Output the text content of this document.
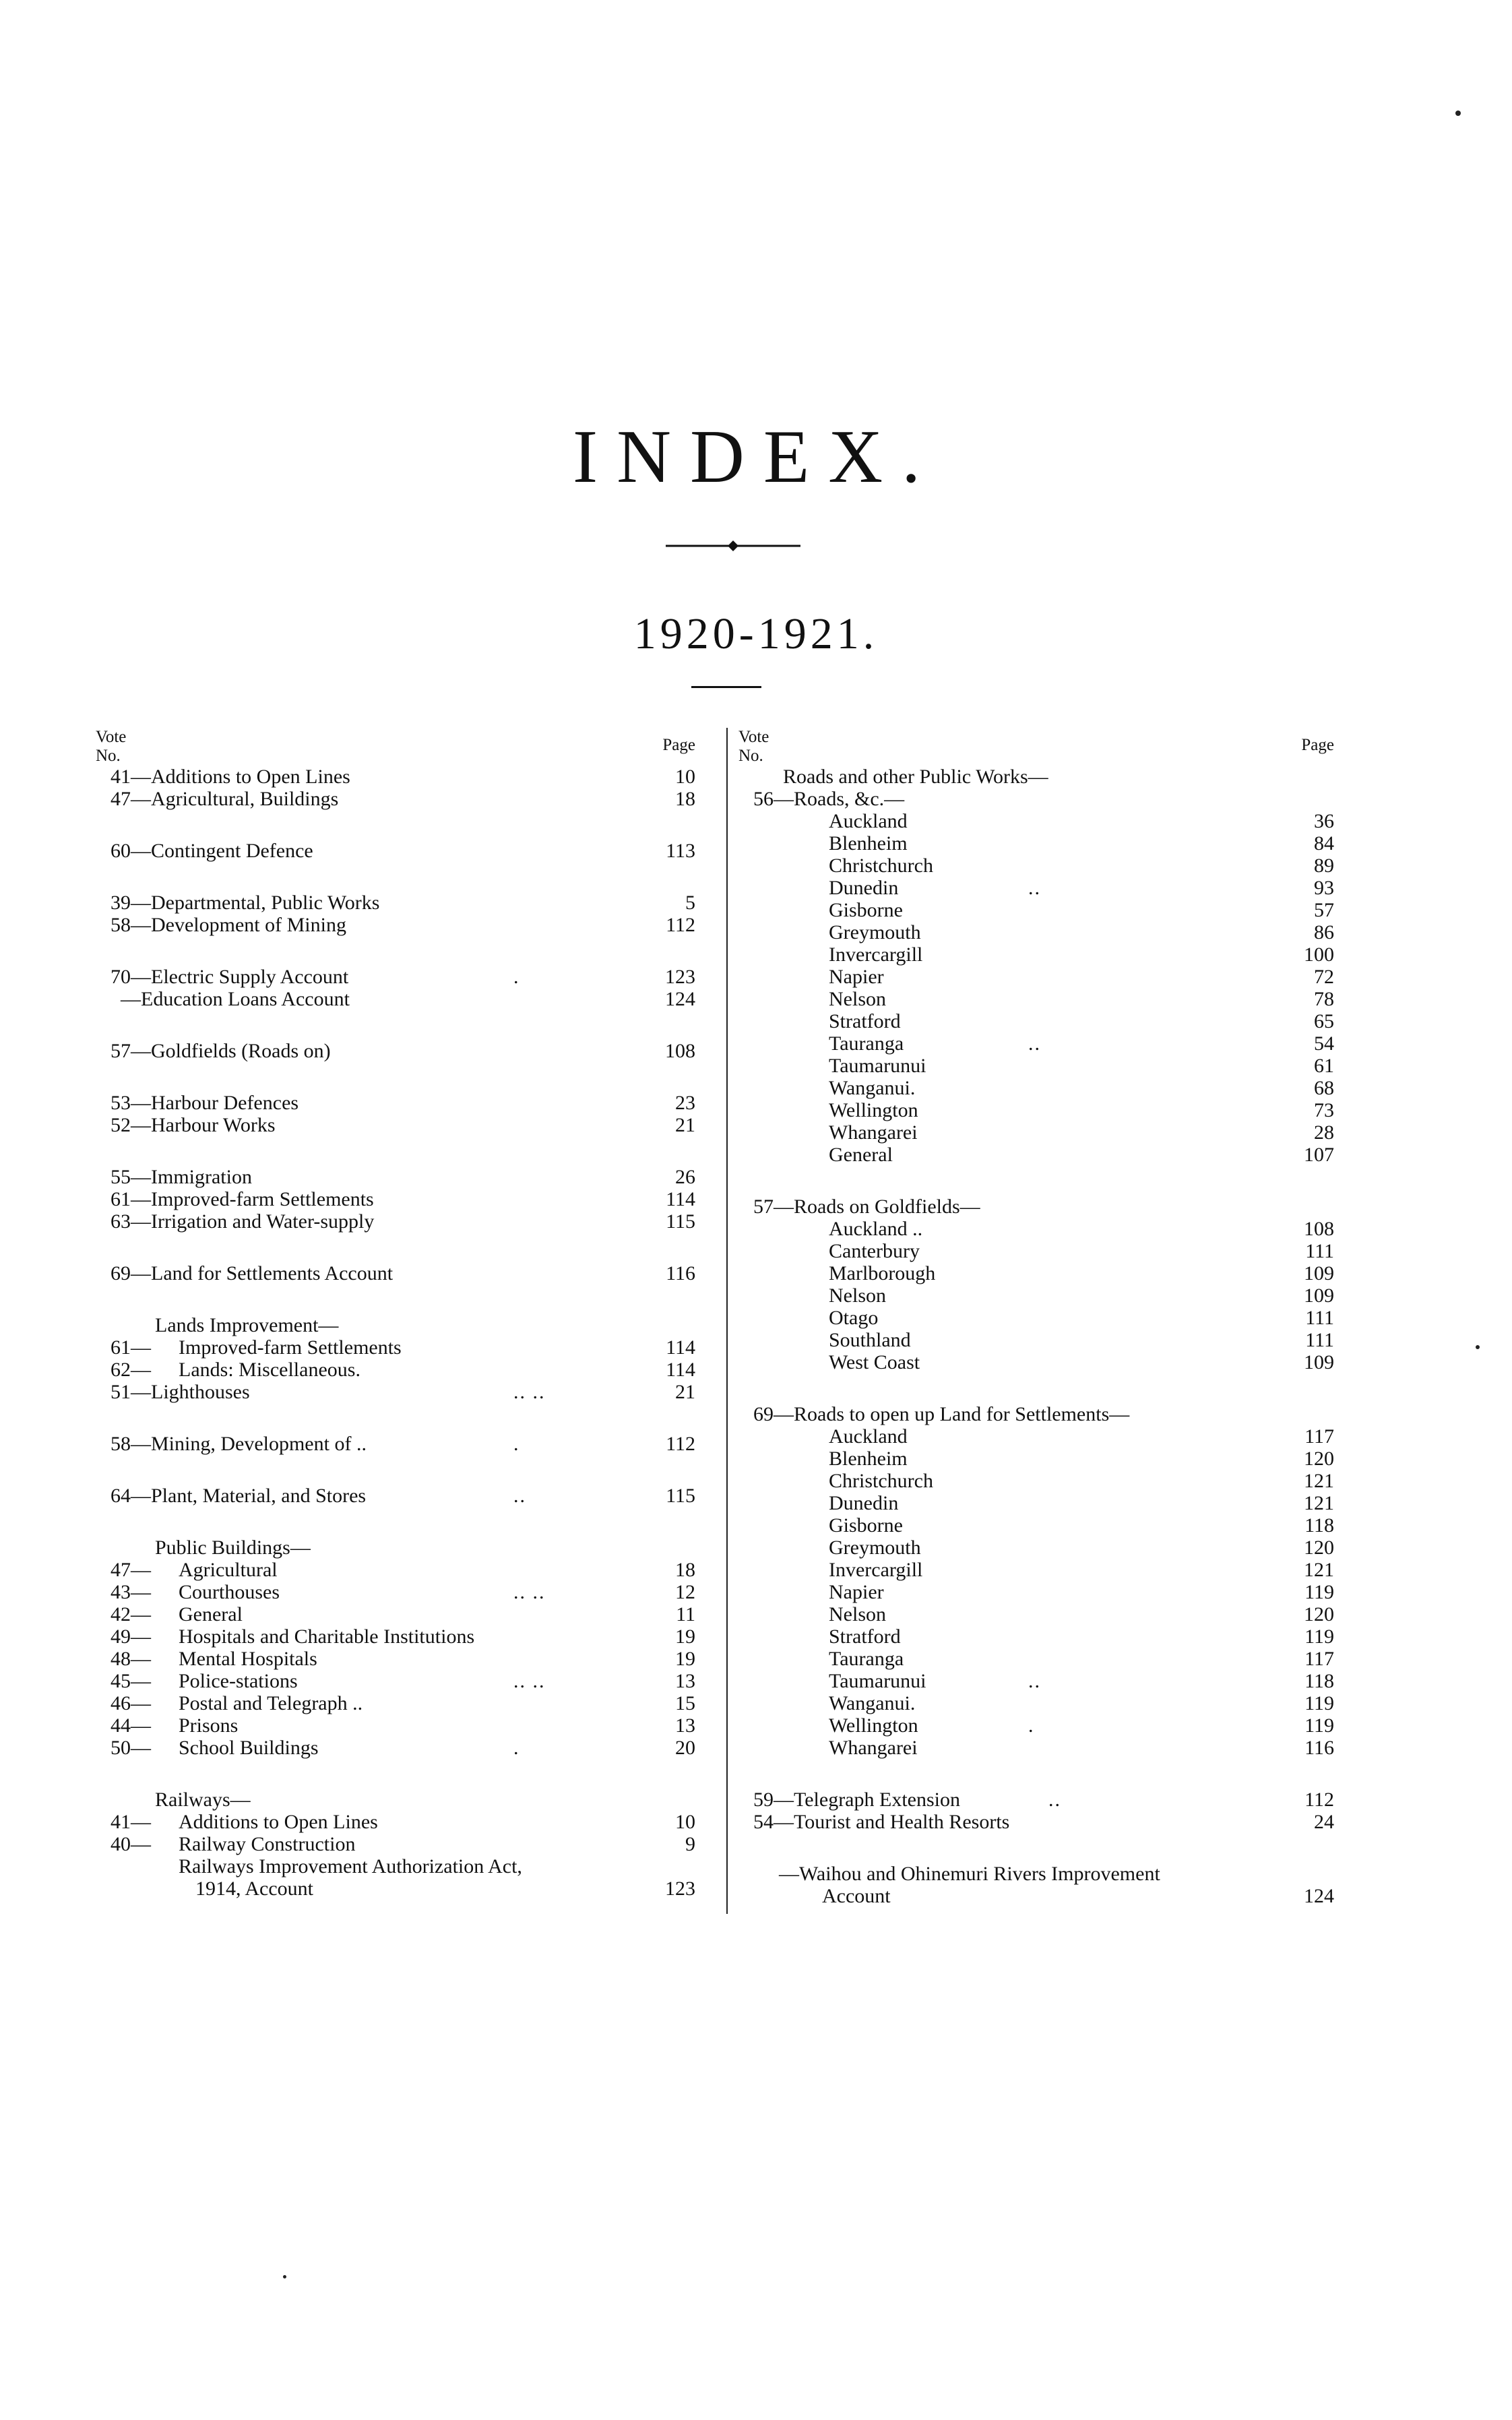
INDEX.
1920-1921.
Vote
No.
Page
41—Additions to Open Lines	10
47—Agricultural, Buildings	18
60—Contingent Defence	113
39—Departmental, Public Works	5
58—Development of Mining	112
70—Electric Supply Account	.	123
—Education Loans Account	124
57—Goldfields (Roads on)	108
53—Harbour Defences	23
52—Harbour Works	21
55—Immigration	26
61—Improved-farm Settlements	114
63—Irrigation and Water-supply	115
69—Land for Settlements Account	116
Lands Improvement—
61— Improved-farm Settlements	114
62— Lands: Miscellaneous.	114
51—Lighthouses	.. ..	21
58—Mining, Development of ..	.	112
64—Plant, Material, and Stores	..	115
Public Buildings—
47— Agricultural	18
43— Courthouses	.. ..	12
42— General	11
49— Hospitals and Charitable Institutions	19
48— Mental Hospitals	19
45— Police-stations	.. ..	13
46— Postal and Telegraph ..	15
44— Prisons	13
50— School Buildings	.	20
Railways—
41— Additions to Open Lines	10
40— Railway Construction	9
Railways Improvement Authorization Act,
1914, Account	123
Vote
No.
Page
Roads and other Public Works—
56—Roads, &c.—
Auckland	36
Blenheim	84
Christchurch	89
Dunedin	..	93
Gisborne	57
Greymouth	86
Invercargill	100
Napier	72
Nelson	78
Stratford	65
Tauranga	..	54
Taumarunui	61
Wanganui.	68
Wellington	73
Whangarei	28
General	107
57—Roads on Goldfields—
Auckland ..	108
Canterbury	111
Marlborough	109
Nelson	109
Otago	111
Southland	111
West Coast	109
69—Roads to open up Land for Settlements—
Auckland	117
Blenheim	120
Christchurch	121
Dunedin	121
Gisborne	118
Greymouth	120
Invercargill	121
Napier	119
Nelson	120
Stratford	119
Tauranga	117
Taumarunui	..	118
Wanganui.	119
Wellington	.	119
Whangarei	116
59—Telegraph Extension	..	112
54—Tourist and Health Resorts	24
—Waihou and Ohinemuri Rivers Improvement
Account	124
